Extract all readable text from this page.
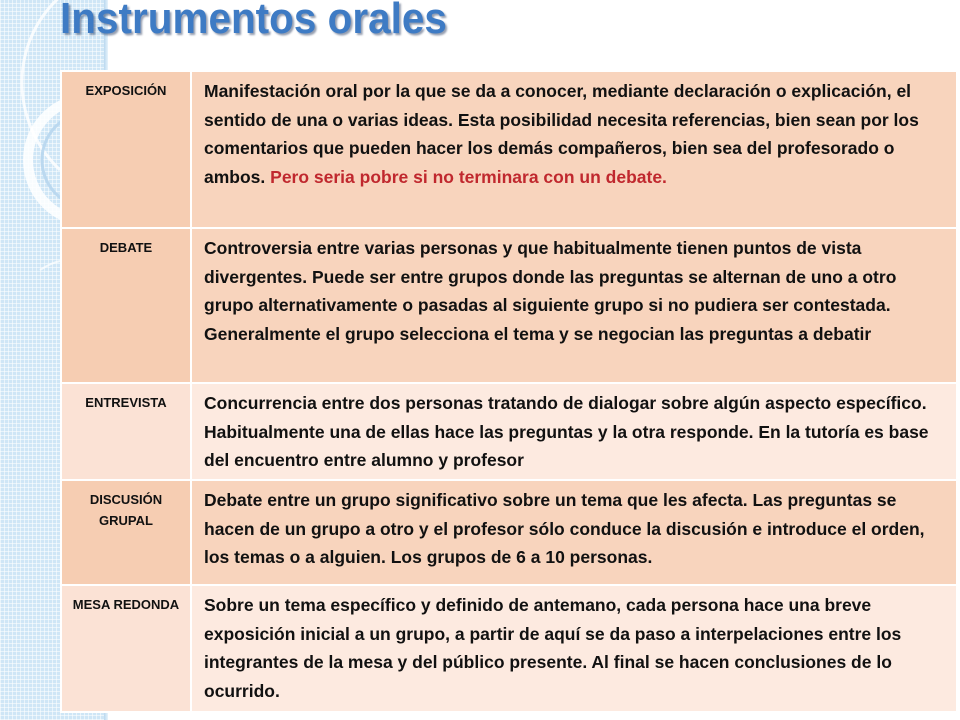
Instrumentos orales
EXPOSICIÓN	Manifestación oral por la que se da a conocer, mediante declaración o explicación, el sentido de una o varias ideas. Esta posibilidad necesita referencias, bien sean por los comentarios que pueden hacer los demás compañeros, bien sea del profesorado o ambos. Pero seria pobre si no terminara con un debate.
DEBATE	Controversia entre varias personas y que habitualmente tienen puntos de vista divergentes. Puede ser entre grupos donde las preguntas se alternan de uno a otro grupo alternativamente o pasadas al siguiente grupo si no pudiera ser contestada. Generalmente el grupo selecciona el tema y se negocian las preguntas a debatir
ENTREVISTA	Concurrencia entre dos personas tratando de dialogar sobre algún aspecto específico. Habitualmente una de ellas hace las preguntas y la otra responde. En la tutoría es base del encuentro entre alumno y profesor
DISCUSIÓN GRUPAL	Debate entre un grupo significativo sobre un tema que les afecta. Las preguntas se hacen de un grupo a otro y el profesor sólo conduce la discusión e introduce el orden, los temas o a alguien. Los grupos de 6 a 10 personas.
MESA REDONDA	Sobre un tema específico y definido de antemano, cada persona hace una breve exposición inicial a un grupo, a partir de aquí se da paso a interpelaciones entre los integrantes de la mesa y del público presente. Al final se hacen conclusiones de lo ocurrido.
